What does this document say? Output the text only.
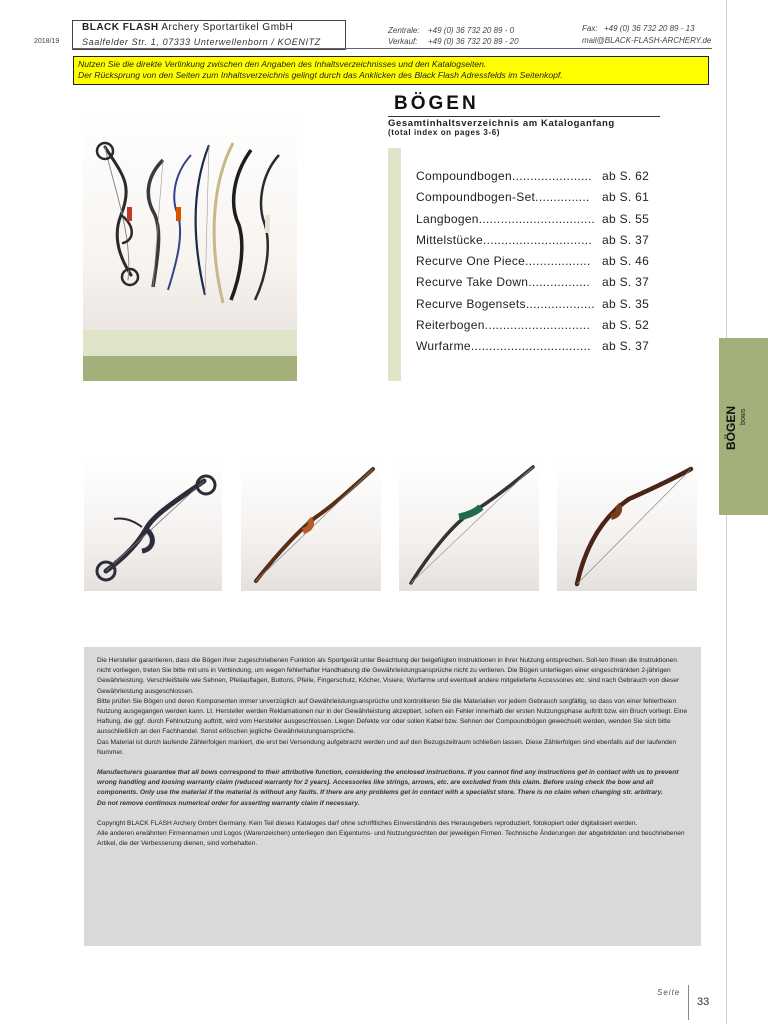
BLACK FLASH Archery Sportartikel GmbH
Saalfelder Str. 1, 07333 Unterwellenborn / KOENITZ
2018/19
Zentrale: +49 (0) 36 732 20 89 - 0
Verkauf: +49 (0) 36 732 20 89 - 20
Fax: +49 (0) 36 732 20 89 - 13
mail@BLACK-FLASH-ARCHERY.de
Nutzen Sie die direkte Verlinkung zwischen den Angaben des Inhaltsverzeichnisses und den Katalogseiten.
Der Rücksprung von den Seiten zum Inhaltsverzeichnis gelingt durch das Anklicken des Black Flash Adressfelds im Seitenkopf.
BÖGEN
Gesamtinhaltsverzeichnis am Kataloganfang
(total index on pages 3-6)
Compoundbogen...................... ab S. 62
Compoundbogen-Set............... ab S. 61
Langbogen................................ ab S. 55
Mittelstücke.............................. ab S. 37
Recurve One Piece.................. ab S. 46
Recurve Take Down................. ab S. 37
Recurve Bogensets................... ab S. 35
Reiterbogen............................. ab S. 52
Wurfarme................................. ab S. 37
BÖGEN bows

Die Hersteller garantieren, dass die Bögen ihrer zugeschriebenen Funktion als Sportgerät unter Beachtung der beigefügten Instruktionen in ihrer Nutzung entsprechen. Soll-ten Ihnen die Instruktionen nicht vorliegen, treten Sie bitte mit uns in Verbindung, um wegen fehlerhafter Handhabung die Gewährleistungsansprüche nicht zu verlieren. Die Bögen unterliegen einer eingeschränkten 2-jährigen Gewährleistung. Verschleißteile wie Sehnen, Pfeilauflagen, Buttons, Pfeile, Fingerschutz, Köcher, Visiere, Wurfarme und eventuell andere mitgelieferte Accessoires etc. sind nach Gebrauch von dieser Gewährleistung ausgeschlossen.

Bitte prüfen Sie Bögen und deren Komponenten immer unverzüglich auf Gewährleistungsansprüche und kontrollieren Sie die Materialien vor jedem Gebrauch sorgfältig, so dass von einer fehlerfreien Nutzung ausgegangen werden kann. Lt. Hersteller werden Reklamationen nur in der Gewährleistung akzeptiert, sofern ein Fehler innerhalb der ersten Nutzungsphase auftritt bzw. ein Bruch vorliegt. Eine Haftung, die ggf. durch Fehlnutzung auftritt, wird vom Hersteller ausgeschlossen. Liegen Defekte vor oder sollen Kabel bzw. Sehnen der Compoundbögen gewechselt werden, wenden Sie sich bitte ausschließlich an den Fachhandel. Sonst erlöschen jegliche Gewährleistungsansprüche.

Das Material ist durch laufende Zählerfolgen markiert, die erst bei Versendung aufgebracht werden und auf den Bezugszeitraum schließen lassen. Diese Zählerfolgen sind ebenfalls auf der laufenden Nummer.

Manufacturers guarantee that all bows correspond to their attributive function, considering the enclosed instructions. If you cannot find any instructions get in contact with us to prevent wrong handling and loosing warranty claim (reduced warranty for 2 years). Accessories like strings, arrows, etc. are excluded from this claim. Before using check the bow and all

components. Only use the material if the material is without any faults. If there are any problems get in contact with a specialist store. There is no claim when changing str. arbitrary.

Do not remove continous numerical order for asserting warranty claim if necessary.

Copyright BLACK FLASH Archery GmbH Germany. Kein Teil dieses Kataloges darf ohne schriftliches Einverständnis des Herausgebers reproduziert, fotokopiert oder digitalisiert werden.

Alle anderen erwähnten Firmennamen und Logos (Warenzeichen) unterliegen den Eigentums- und Nutzungsrechten der jeweiligen Firmen. Technische Änderungen der abgebildeten und beschriebenen Artikel, die der Verbesserung dienen, sind vorbehalten.

Seite
33
